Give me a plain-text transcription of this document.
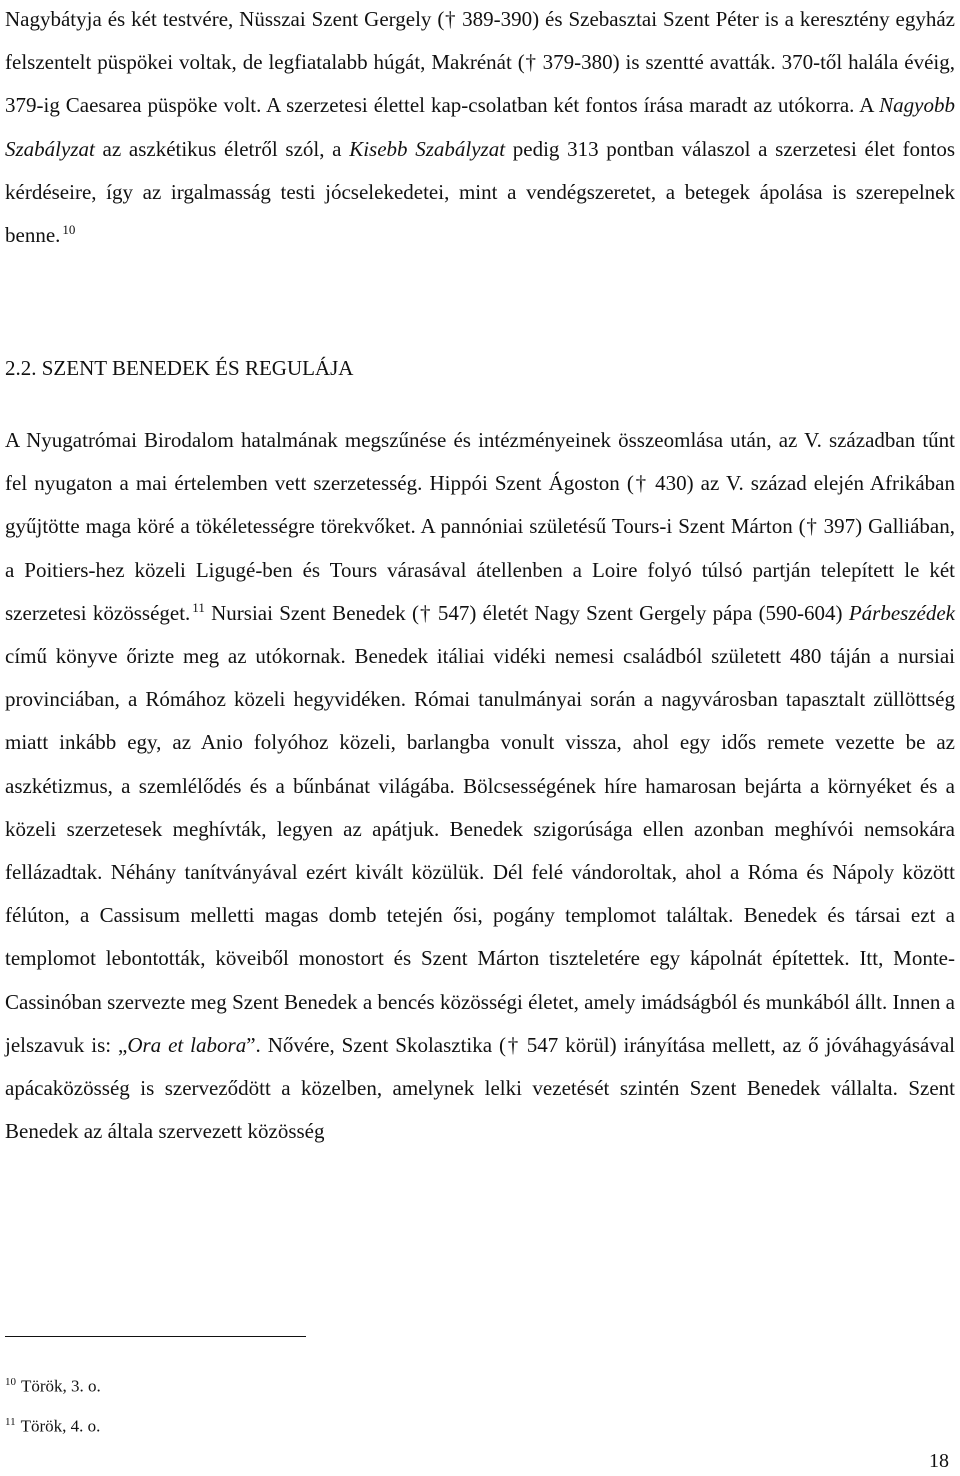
Nagybátyja és két testvére, Nüsszai Szent Gergely († 389-390) és Szebasztai Szent Péter is a keresztény egyház felszentelt püspökei voltak, de legfiatalabb húgát, Makrénát († 379-380) is szentté avatták. 370-től halála évéig, 379-ig Caesarea püspöke volt. A szerzetesi élettel kap-csolatban két fontos írása maradt az utókorra. A Nagyobb Szabályzat az aszkétikus életről szól, a Kisebb Szabályzat pedig 313 pontban válaszol a szerzetesi élet fontos kérdéseire, így az irgalmasság testi jócselekedetei, mint a vendégszeretet, a betegek ápolása is szerepelnek benne. $^{10}$

2.2. SZENT BENEDEK ÉS REGULÁJA

A Nyugatrómai Birodalom hatalmának megszűnése és intézményeinek összeomlása után, az V. században tűnt fel nyugaton a mai értelemben vett szerzetesség. Hippói Szent Ágoston († 430) az V. század elején Afrikában gyűjtötte maga köré a tökéletességre törekvőket. A pannóniai születésű Tours-i Szent Márton († 397) Galliában, a Poitiers-hez közeli Ligugé-ben és Tours várasával átellenben a Loire folyó túlsó partján telepített le két szerzetesi közösséget. $^{11}$ Nursiai Szent Benedek († 547) életét Nagy Szent Gergely pápa (590-604) Párbeszédek című könyve őrizte meg az utókornak. Benedek itáliai vidéki nemesi családból született 480 táján a nursiai provinciában, a Rómához közeli hegyvidéken. Római tanulmányai során a nagyvárosban tapasztalt züllöttség miatt inkább egy, az Anio folyóhoz közeli, barlangba vonult vissza, ahol egy idős remete vezette be az aszkétizmus, a szemlélődés és a bűnbánat világába. Bölcsességének híre hamarosan bejárta a környéket és a közeli szerzetesek meghívták, legyen az apátjuk. Benedek szigorúsága ellen azonban meghívói nemsokára fellázadtak. Néhány tanítványával ezért kivált közülük. Dél felé vándoroltak, ahol a Róma és Nápoly között félúton, a Cassisum melletti magas domb tetején ősi, pogány templomot találtak. Benedek és társai ezt a templomot lebontották, köveiből monostort és Szent Márton tiszteletére egy kápolnát építettek. Itt, Monte-Cassinóban szervezte meg Szent Benedek a bencés közösségi életet, amely imádságból és munkából állt. Innen a jelszavuk is: „Ora et labora”. Nővére, Szent Skolasztika († 547 körül) irányítása mellett, az ő jóváhagyásával apácaközösség is szerveződött a közelben, amelynek lelki vezetését szintén Szent Benedek vállalta. Szent Benedek az általa szervezett közösség

$^{10}$ Török, 3. o.
$^{11}$ Török, 4. o.
18
